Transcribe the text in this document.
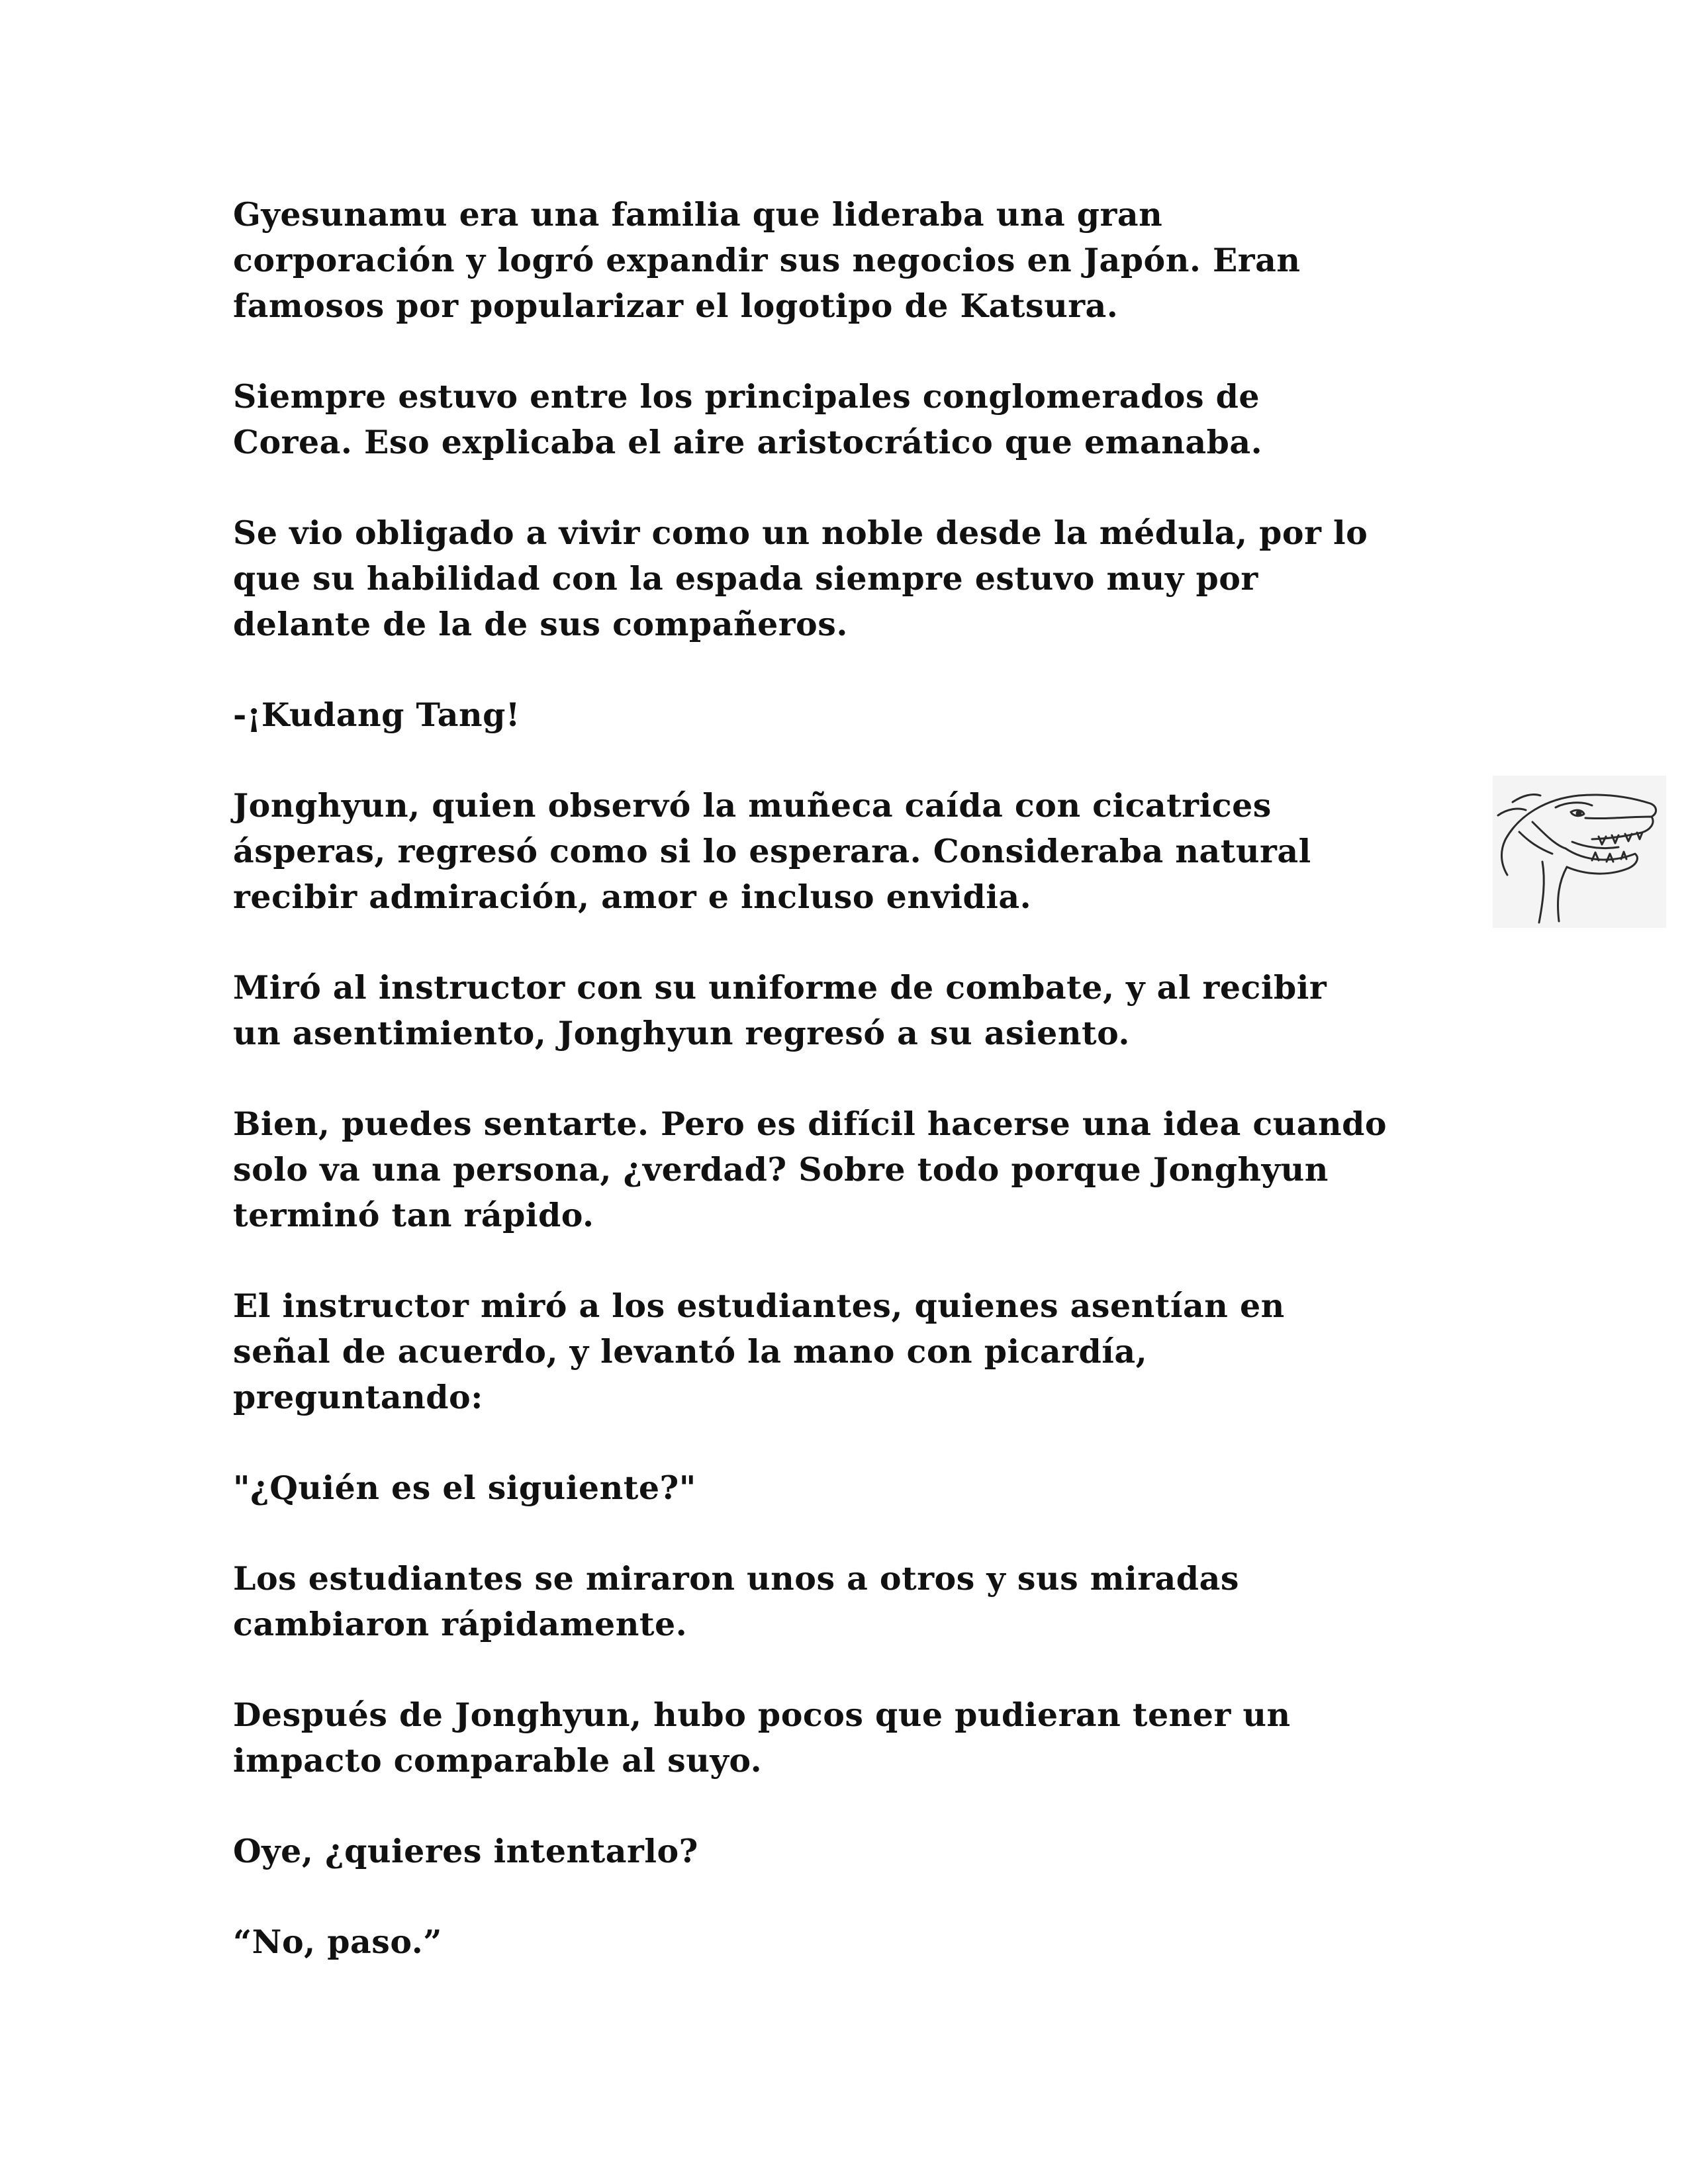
Gyesunamu era una familia que lideraba una gran
corporación y logró expandir sus negocios en Japón. Eran
famosos por popularizar el logotipo de Katsura.

Siempre estuvo entre los principales conglomerados de
Corea. Eso explicaba el aire aristocrático que emanaba.

Se vio obligado a vivir como un noble desde la médula, por lo
que su habilidad con la espada siempre estuvo muy por
delante de la de sus compañeros.

-¡Kudang Tang!

Jonghyun, quien observó la muñeca caída con cicatrices
ásperas, regresó como si lo esperara. Consideraba natural
recibir admiración, amor e incluso envidia.

Miró al instructor con su uniforme de combate, y al recibir
un asentimiento, Jonghyun regresó a su asiento.

Bien, puedes sentarte. Pero es difícil hacerse una idea cuando
solo va una persona, ¿verdad? Sobre todo porque Jonghyun
terminó tan rápido.

El instructor miró a los estudiantes, quienes asentían en
señal de acuerdo, y levantó la mano con picardía,
preguntando:

"¿Quién es el siguiente?"

Los estudiantes se miraron unos a otros y sus miradas
cambiaron rápidamente.

Después de Jonghyun, hubo pocos que pudieran tener un
impacto comparable al suyo.

Oye, ¿quieres intentarlo?

“No, paso.”
